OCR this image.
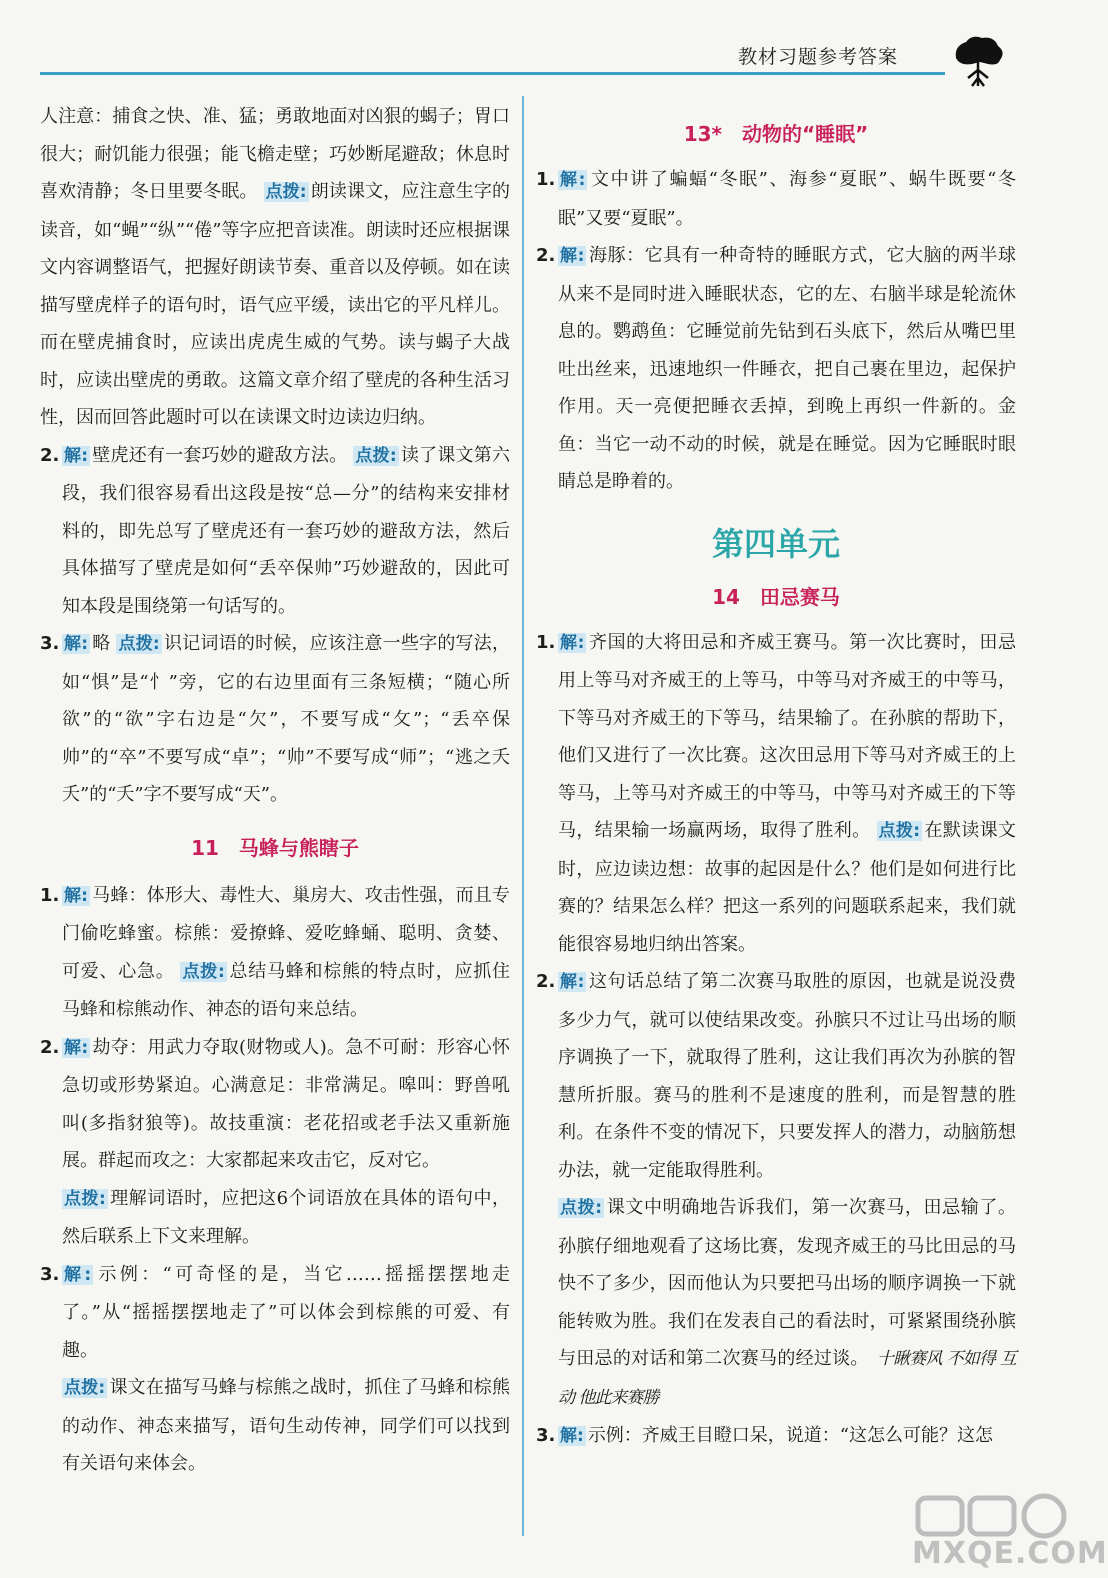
教材习题参考答案

人注意：捕食之快、准、猛；勇敢地面对凶狠的蝎子；胃口很大；耐饥能力很强；能飞檐走壁；巧妙断尾避敌；休息时喜欢清静；冬日里要冬眠。 点拨: 朗读课文，应注意生字的读音，如“蝇”“纵”“倦”等字应把音读准。朗读时还应根据课文内容调整语气，把握好朗读节奏、重音以及停顿。如在读描写壁虎样子的语句时，语气应平缓，读出它的平凡样儿。而在壁虎捕食时，应读出虎虎生威的气势。读与蝎子大战时，应读出壁虎的勇敢。这篇文章介绍了壁虎的各种生活习性，因而回答此题时可以在读课文时边读边归纳。

2. 解: 壁虎还有一套巧妙的避敌方法。 点拨: 读了课文第六段，我们很容易看出这段是按“总—分”的结构来安排材料的，即先总写了壁虎还有一套巧妙的避敌方法，然后具体描写了壁虎是如何“丢卒保帅”巧妙避敌的，因此可知本段是围绕第一句话写的。

3. 解: 略 点拨: 识记词语的时候，应该注意一些字的写法，如“惧”是“忄”旁，它的右边里面有三条短横；“随心所欲”的“欲”字右边是“欠”，不要写成“攵”；“丢卒保帅”的“卒”不要写成“卓”；“帅”不要写成“师”；“逃之夭夭”的“夭”字不要写成“天”。

11　马蜂与熊瞎子
1. 解: 马蜂：体形大、毒性大、巢房大、攻击性强，而且专门偷吃蜂蜜。棕熊：爱撩蜂、爱吃蜂蛹、聪明、贪婪、可爱、心急。 点拨: 总结马蜂和棕熊的特点时，应抓住马蜂和棕熊动作、神态的语句来总结。

2. 解: 劫夺：用武力夺取(财物或人)。急不可耐：形容心怀急切或形势紧迫。心满意足：非常满足。嗥叫：野兽吼叫(多指豺狼等)。故技重演：老花招或老手法又重新施展。群起而攻之：大家都起来攻击它，反对它。

点拨: 理解词语时，应把这6个词语放在具体的语句中，然后联系上下文来理解。

3. 解: 示例：“可奇怪的是，当它……摇摇摆摆地走了。”从“摇摇摆摆地走了”可以体会到棕熊的可爱、有趣。

点拨: 课文在描写马蜂与棕熊之战时，抓住了马蜂和棕熊的动作、神态来描写，语句生动传神，同学们可以找到有关语句来体会。

13*　动物的“睡眠”
1. 解: 文中讲了蝙蝠“冬眠”、海参“夏眠”、蜗牛既要“冬眠”又要“夏眠”。

2. 解: 海豚：它具有一种奇特的睡眠方式，它大脑的两半球从来不是同时进入睡眠状态，它的左、右脑半球是轮流休息的。鹦鹉鱼：它睡觉前先钻到石头底下，然后从嘴巴里吐出丝来，迅速地织一件睡衣，把自己裹在里边，起保护作用。天一亮便把睡衣丢掉，到晚上再织一件新的。金鱼：当它一动不动的时候，就是在睡觉。因为它睡眠时眼睛总是睁着的。

第四单元
14　田忌赛马
1. 解: 齐国的大将田忌和齐威王赛马。第一次比赛时，田忌用上等马对齐威王的上等马，中等马对齐威王的中等马，下等马对齐威王的下等马，结果输了。在孙膑的帮助下，他们又进行了一次比赛。这次田忌用下等马对齐威王的上等马，上等马对齐威王的中等马，中等马对齐威王的下等马，结果输一场赢两场，取得了胜利。 点拨: 在默读课文时，应边读边想：故事的起因是什么？他们是如何进行比赛的？结果怎么样？把这一系列的问题联系起来，我们就能很容易地归纳出答案。

2. 解: 这句话总结了第二次赛马取胜的原因，也就是说没费多少力气，就可以使结果改变。孙膑只不过让马出场的顺序调换了一下，就取得了胜利，这让我们再次为孙膑的智慧所折服。赛马的胜利不是速度的胜利，而是智慧的胜利。在条件不变的情况下，只要发挥人的潜力，动脑筋想办法，就一定能取得胜利。

点拨: 课文中明确地告诉我们，第一次赛马，田忌输了。孙膑仔细地观看了这场比赛，发现齐威王的马比田忌的马快不了多少，因而他认为只要把马出场的顺序调换一下就能转败为胜。我们在发表自己的看法时，可紧紧围绕孙膑与田忌的对话和第二次赛马的经过谈。 十瞅赛风 不如得 互动 他此来赛勝

3. 解: 示例：齐威王目瞪口呆，说道：“这怎么可能？这怎

MXQE.COM
